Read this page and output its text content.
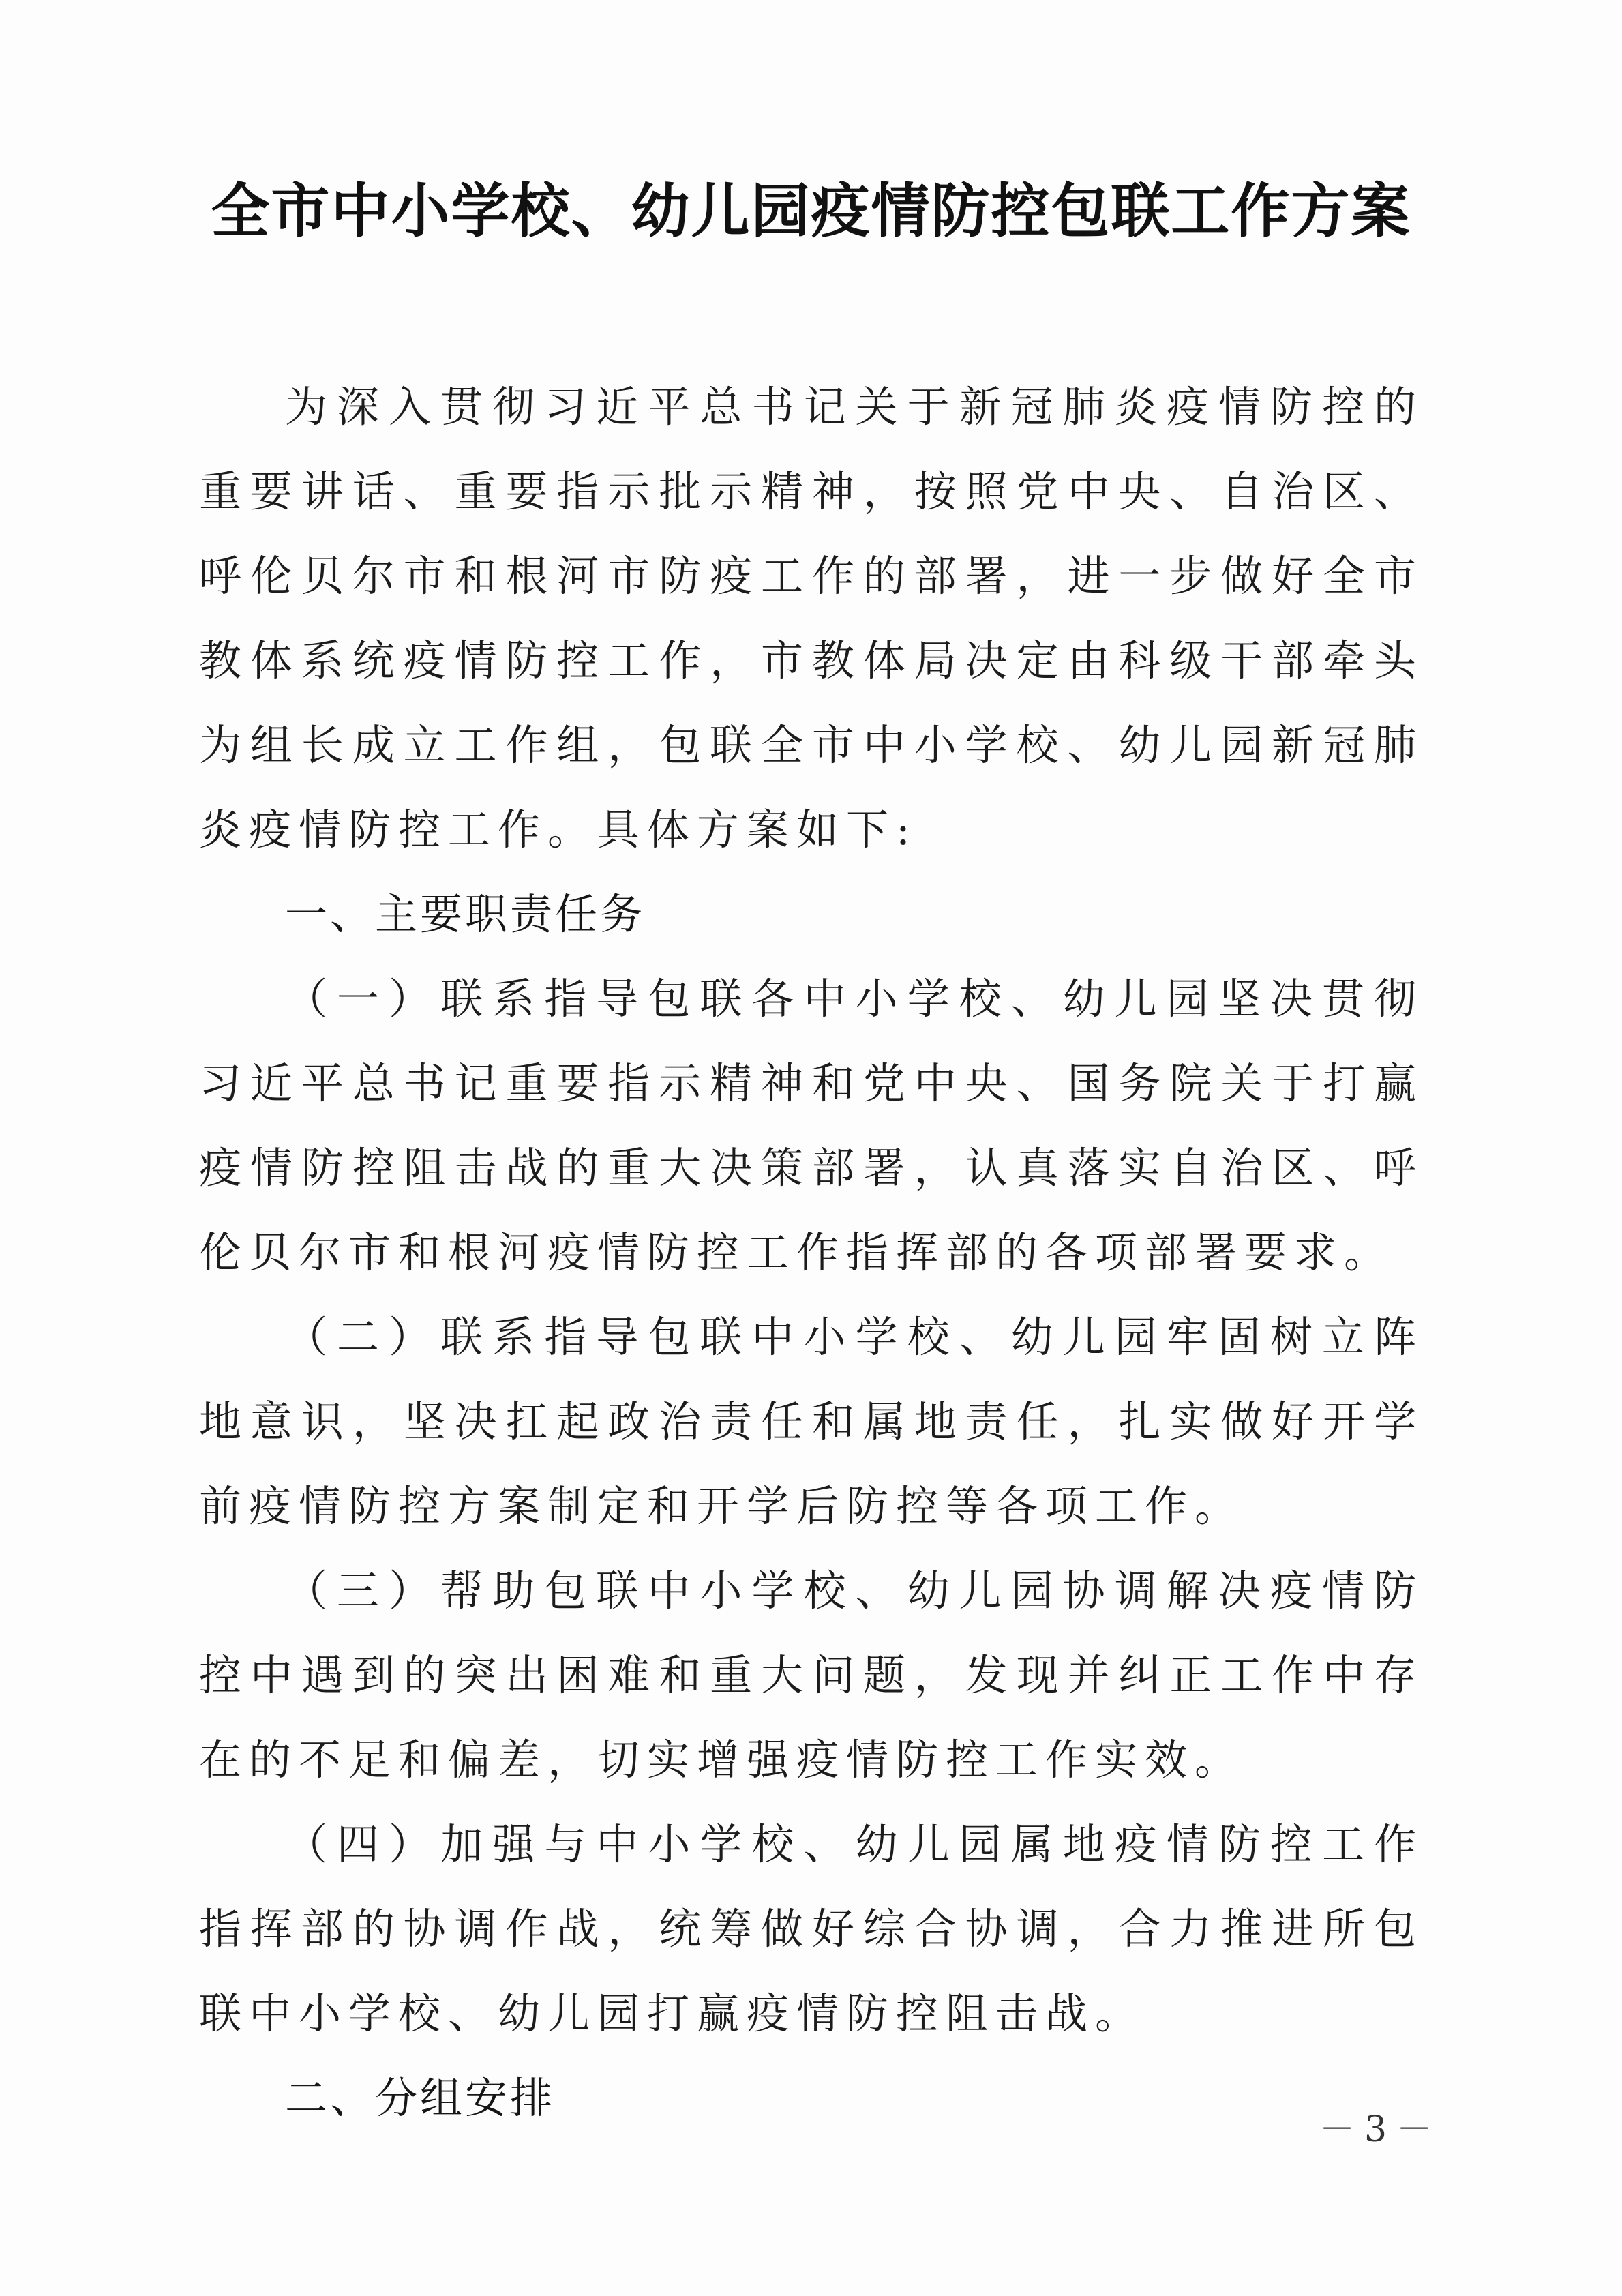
全市中小学校、幼儿园疫情防控包联工作方案

为深入贯彻习近平总书记关于新冠肺炎疫情防控的重要讲话、重要指示批示精神，按照党中央、自治区、呼伦贝尔市和根河市防疫工作的部署，进一步做好全市教体系统疫情防控工作，市教体局决定由科级干部牵头为组长成立工作组，包联全市中小学校、幼儿园新冠肺炎疫情防控工作。具体方案如下:

一、主要职责任务

（一）联系指导包联各中小学校、幼儿园坚决贯彻习近平总书记重要指示精神和党中央、国务院关于打赢疫情防控阻击战的重大决策部署，认真落实自治区、呼伦贝尔市和根河疫情防控工作指挥部的各项部署要求。

（二）联系指导包联中小学校、幼儿园牢固树立阵地意识，坚决扛起政治责任和属地责任，扎实做好开学前疫情防控方案制定和开学后防控等各项工作。

（三）帮助包联中小学校、幼儿园协调解决疫情防控中遇到的突出困难和重大问题，发现并纠正工作中存在的不足和偏差，切实增强疫情防控工作实效。

（四）加强与中小学校、幼儿园属地疫情防控工作指挥部的协调作战，统筹做好综合协调，合力推进所包联中小学校、幼儿园打赢疫情防控阻击战。

二、分组安排

－3－
